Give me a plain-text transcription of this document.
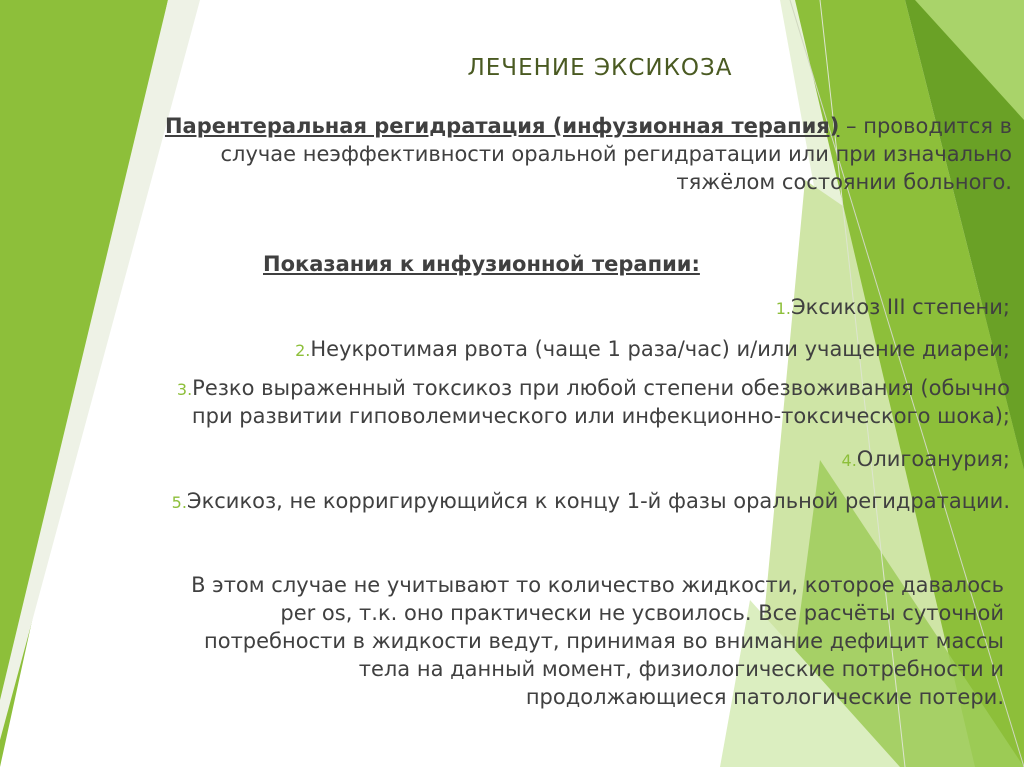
ЛЕЧЕНИЕ ЭКСИКОЗА
Парентеральная регидратация (инфузионная терапия) – проводится в
случае неэффективности оральной регидратации или при изначально
тяжёлом состоянии больного.
Показания к инфузионной терапии:
1.Эксикоз III степени;
2.Неукротимая рвота (чаще 1 раза/час) и/или учащение диареи;
3.Резко выраженный токсикоз при любой степени обезвоживания (обычно
при развитии гиповолемического или инфекционно-токсического шока);
4.Олигоанурия;
5.Эксикоз, не корригирующийся к концу 1-й фазы оральной регидратации.
В этом случае не учитывают то количество жидкости, которое давалось
per os, т.к. оно практически не усвоилось. Все расчёты суточной
потребности в жидкости ведут, принимая во внимание дефицит массы
тела на данный момент, физиологические потребности и
продолжающиеся патологические потери.
